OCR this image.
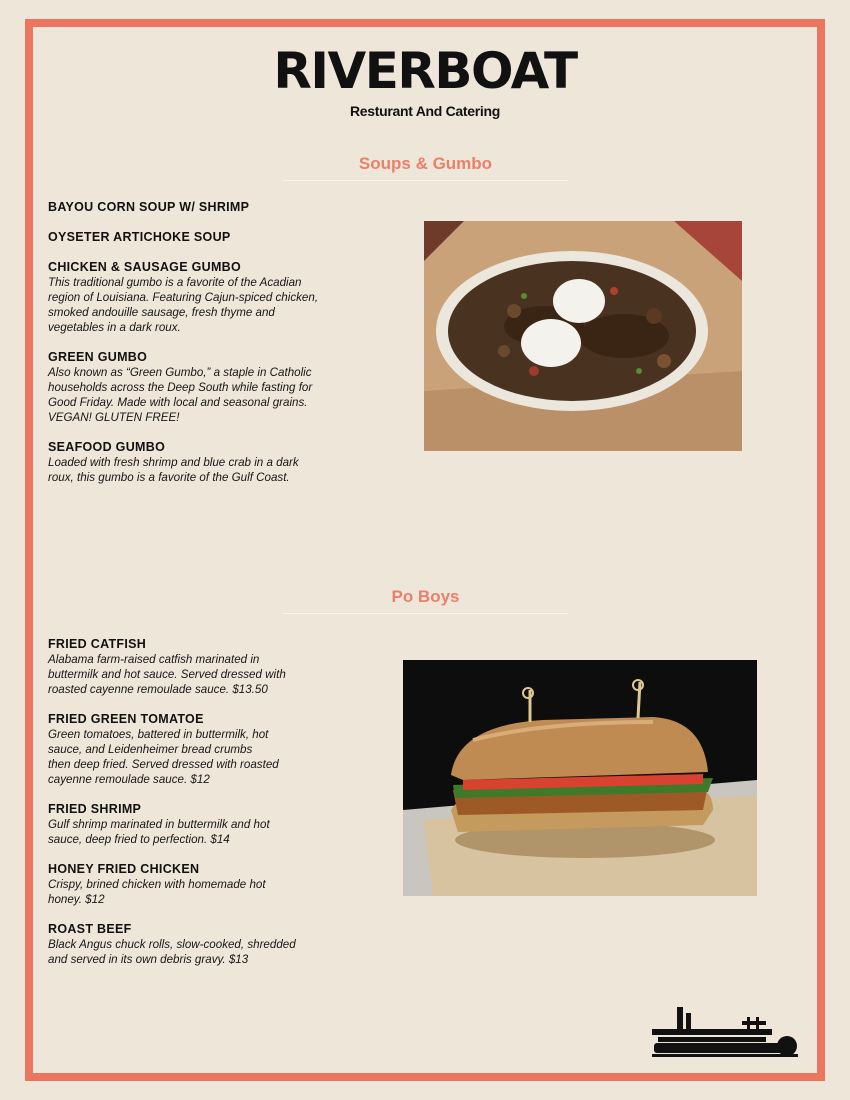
RIVERBOAT
Resturant And Catering
Soups & Gumbo
BAYOU CORN SOUP W/ SHRIMP
OYSETER ARTICHOKE SOUP
CHICKEN & SAUSAGE GUMBO
This traditional gumbo is a favorite of the Acadian
region of Louisiana. Featuring Cajun-spiced chicken,
smoked andouille sausage, fresh thyme and
vegetables in a dark roux.
GREEN GUMBO
Also known as “Green Gumbo,” a staple in Catholic
households across the Deep South while fasting for
Good Friday. Made with local and seasonal grains.
VEGAN! GLUTEN FREE!
SEAFOOD GUMBO
Loaded with fresh shrimp and blue crab in a dark
roux, this gumbo is a favorite of the Gulf Coast.
Po Boys
FRIED CATFISH
Alabama farm-raised catfish marinated in
buttermilk and hot sauce. Served dressed with
roasted cayenne remoulade sauce. $13.50
FRIED GREEN TOMATOE
Green tomatoes, battered in buttermilk, hot
sauce, and Leidenheimer bread crumbs
then deep fried. Served dressed with roasted
cayenne remoulade sauce. $12
FRIED SHRIMP
Gulf shrimp marinated in buttermilk and hot
sauce, deep fried to perfection. $14
HONEY FRIED CHICKEN
Crispy, brined chicken with homemade hot
honey. $12
ROAST BEEF
Black Angus chuck rolls, slow-cooked, shredded
and served in its own debris gravy. $13
